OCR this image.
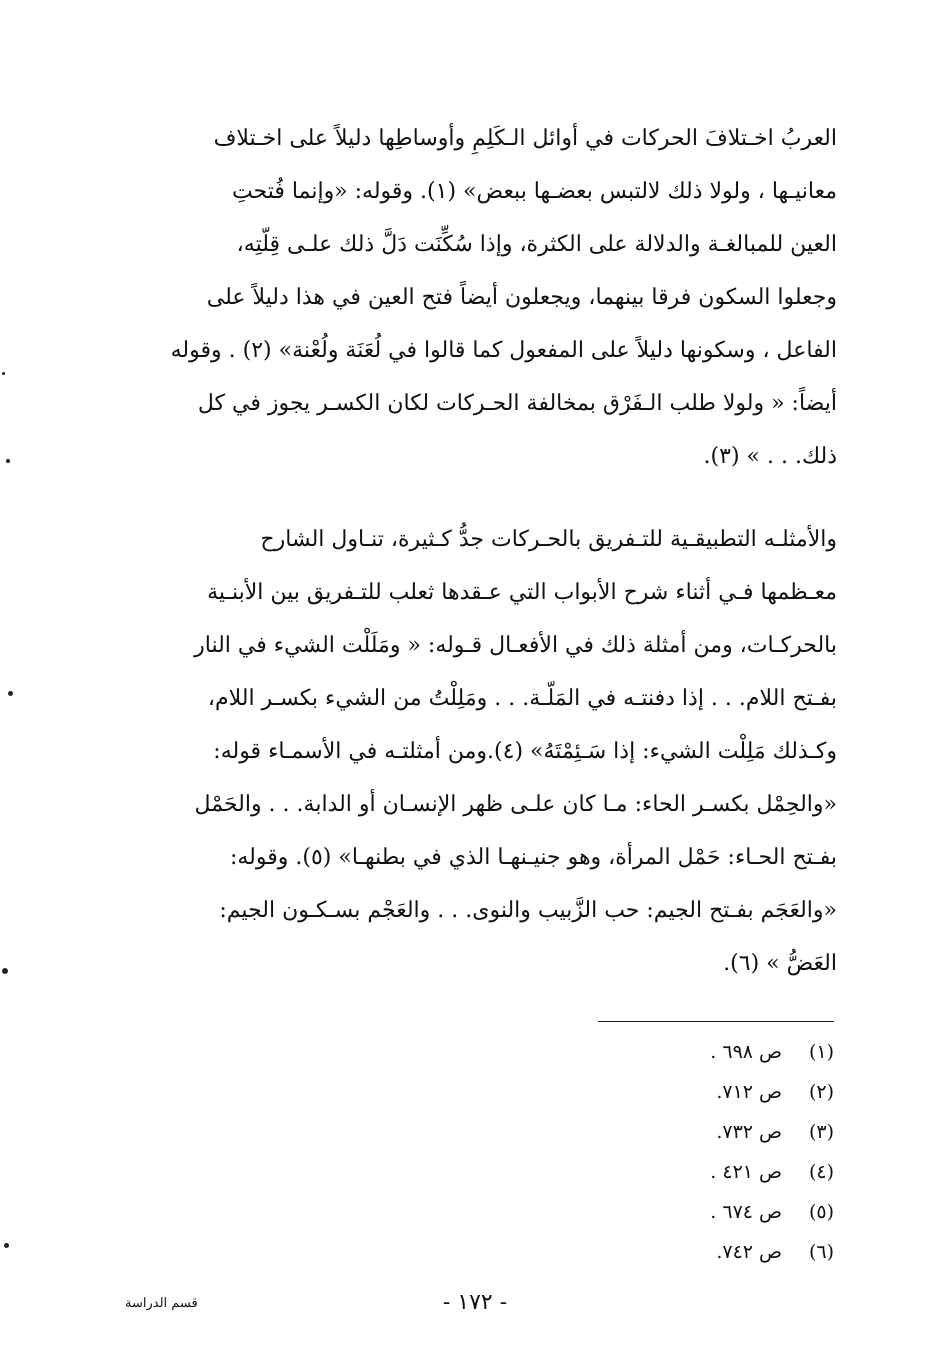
العربُ اخـتلافَ الحركات في أوائل الـكَلِمِ وأوساطِها دليلاً على اخـتلاف
معانيـها ، ولولا ذلك لالتبس بعضـها ببعض» (١). وقوله: «وإنما فُتحتِ
العين للمبالغـة والدلالة على الكثرة، وإذا سُكِّنَت دَلَّ ذلك علـى قِلّتِه،
وجعلوا السكون فرقا بينهما، ويجعلون أيضاً فتح العين في هذا دليلاً على
الفاعل ، وسكونها دليلاً على المفعول كما قالوا في لُعَنَة ولُعْنة» (٢) . وقوله
أيضاً: « ولولا طلب الـفَرْق بمخالفة الحـركات لكان الكسـر يجوز في كل
ذلك. . . » (٣).
والأمثلـه التطبيقـية للتـفريق بالحـركات جدُّ كـثيرة، تنـاول الشارح
معـظمها فـي أثناء شرح الأبواب التي عـقدها ثعلب للتـفريق بين الأبنـية
بالحركـات، ومن أمثلة ذلك في الأفعـال قـوله: « ومَلَلْت الشيء في النار
بفـتح اللام. . . إذا دفنتـه في المَلّـة. . . ومَلِلْتُ من الشيء بكسـر اللام،
وكـذلك مَلِلْت الشيء: إذا سَـئِمْتَهُ» (٤).ومن أمثلتـه في الأسمـاء قوله:
«والحِمْل بكسـر الحاء: مـا كان علـى ظهر الإنسـان أو الدابة. . . والحَمْل
بفـتح الحـاء: حَمْل المرأة، وهو جنيـنهـا الذي في بطنهـا» (٥). وقوله:
«والعَجَم بفـتح الجيم: حب الزَّبيب والنوى. . . والعَجْم بسـكـون الجيم:
العَضُّ » (٦).
(١)
ص ٦٩٨ .
(٢)
ص ٧١٢.
(٣)
ص ٧٣٢.
(٤)
ص ٤٢١ .
(٥)
ص ٦٧٤ .
(٦)
ص ٧٤٢.
- ١٧٢ -
قسم الدراسة
